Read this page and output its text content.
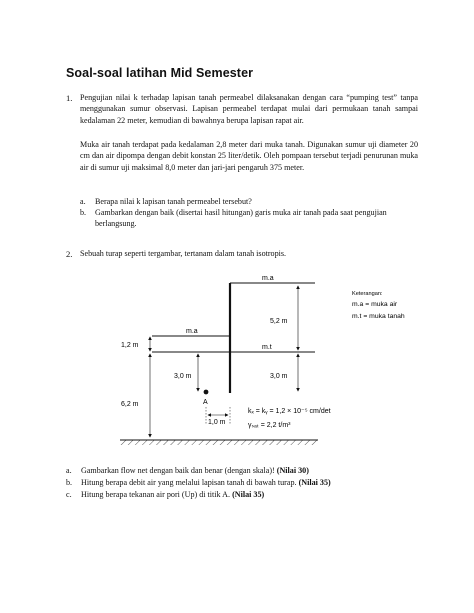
Soal-soal latihan Mid Semester
1. Pengujian nilai k terhadap lapisan tanah permeabel dilaksanakan dengan cara “pumping test” tanpa menggunakan sumur observasi. Lapisan permeabel terdapat mulai dari permukaan tanah sampai kedalaman 22 meter, kemudian di bawahnya berupa lapisan rapat air.
Muka air tanah terdapat pada kedalaman 2,8 meter dari muka tanah. Digunakan sumur uji diameter 20 cm dan air dipompa dengan debit konstan 25 liter/detik. Oleh pompaan tersebut terjadi penurunan muka air di sumur uji maksimal 8,0 meter dan jari-jari pengaruh 375 meter.
a. Berapa nilai k lapisan tanah permeabel tersebut?
b. Gambarkan dengan baik (disertai hasil hitungan) garis muka air tanah pada saat pengujian berlangsung.
2. Sebuah turap seperti tergambar, tertanam dalam tanah isotropis.
m.a
m.a
m.t
5,2 m
1,2 m
3,0 m	3,0 m
6,2 m	A
1,0 m
kₓ = kᵧ = 1,2 × 10⁻⁵ cm/det
γₛₐₜ = 2,2 t/m³
Keterangan:
m.a = muka air
m.t = muka tanah
a. Gambarkan flow net dengan baik dan benar (dengan skala)! (Nilai 30)
b. Hitung berapa debit air yang melalui lapisan tanah di bawah turap. (Nilai 35)
c. Hitung berapa tekanan air pori (Up) di titik A. (Nilai 35)
